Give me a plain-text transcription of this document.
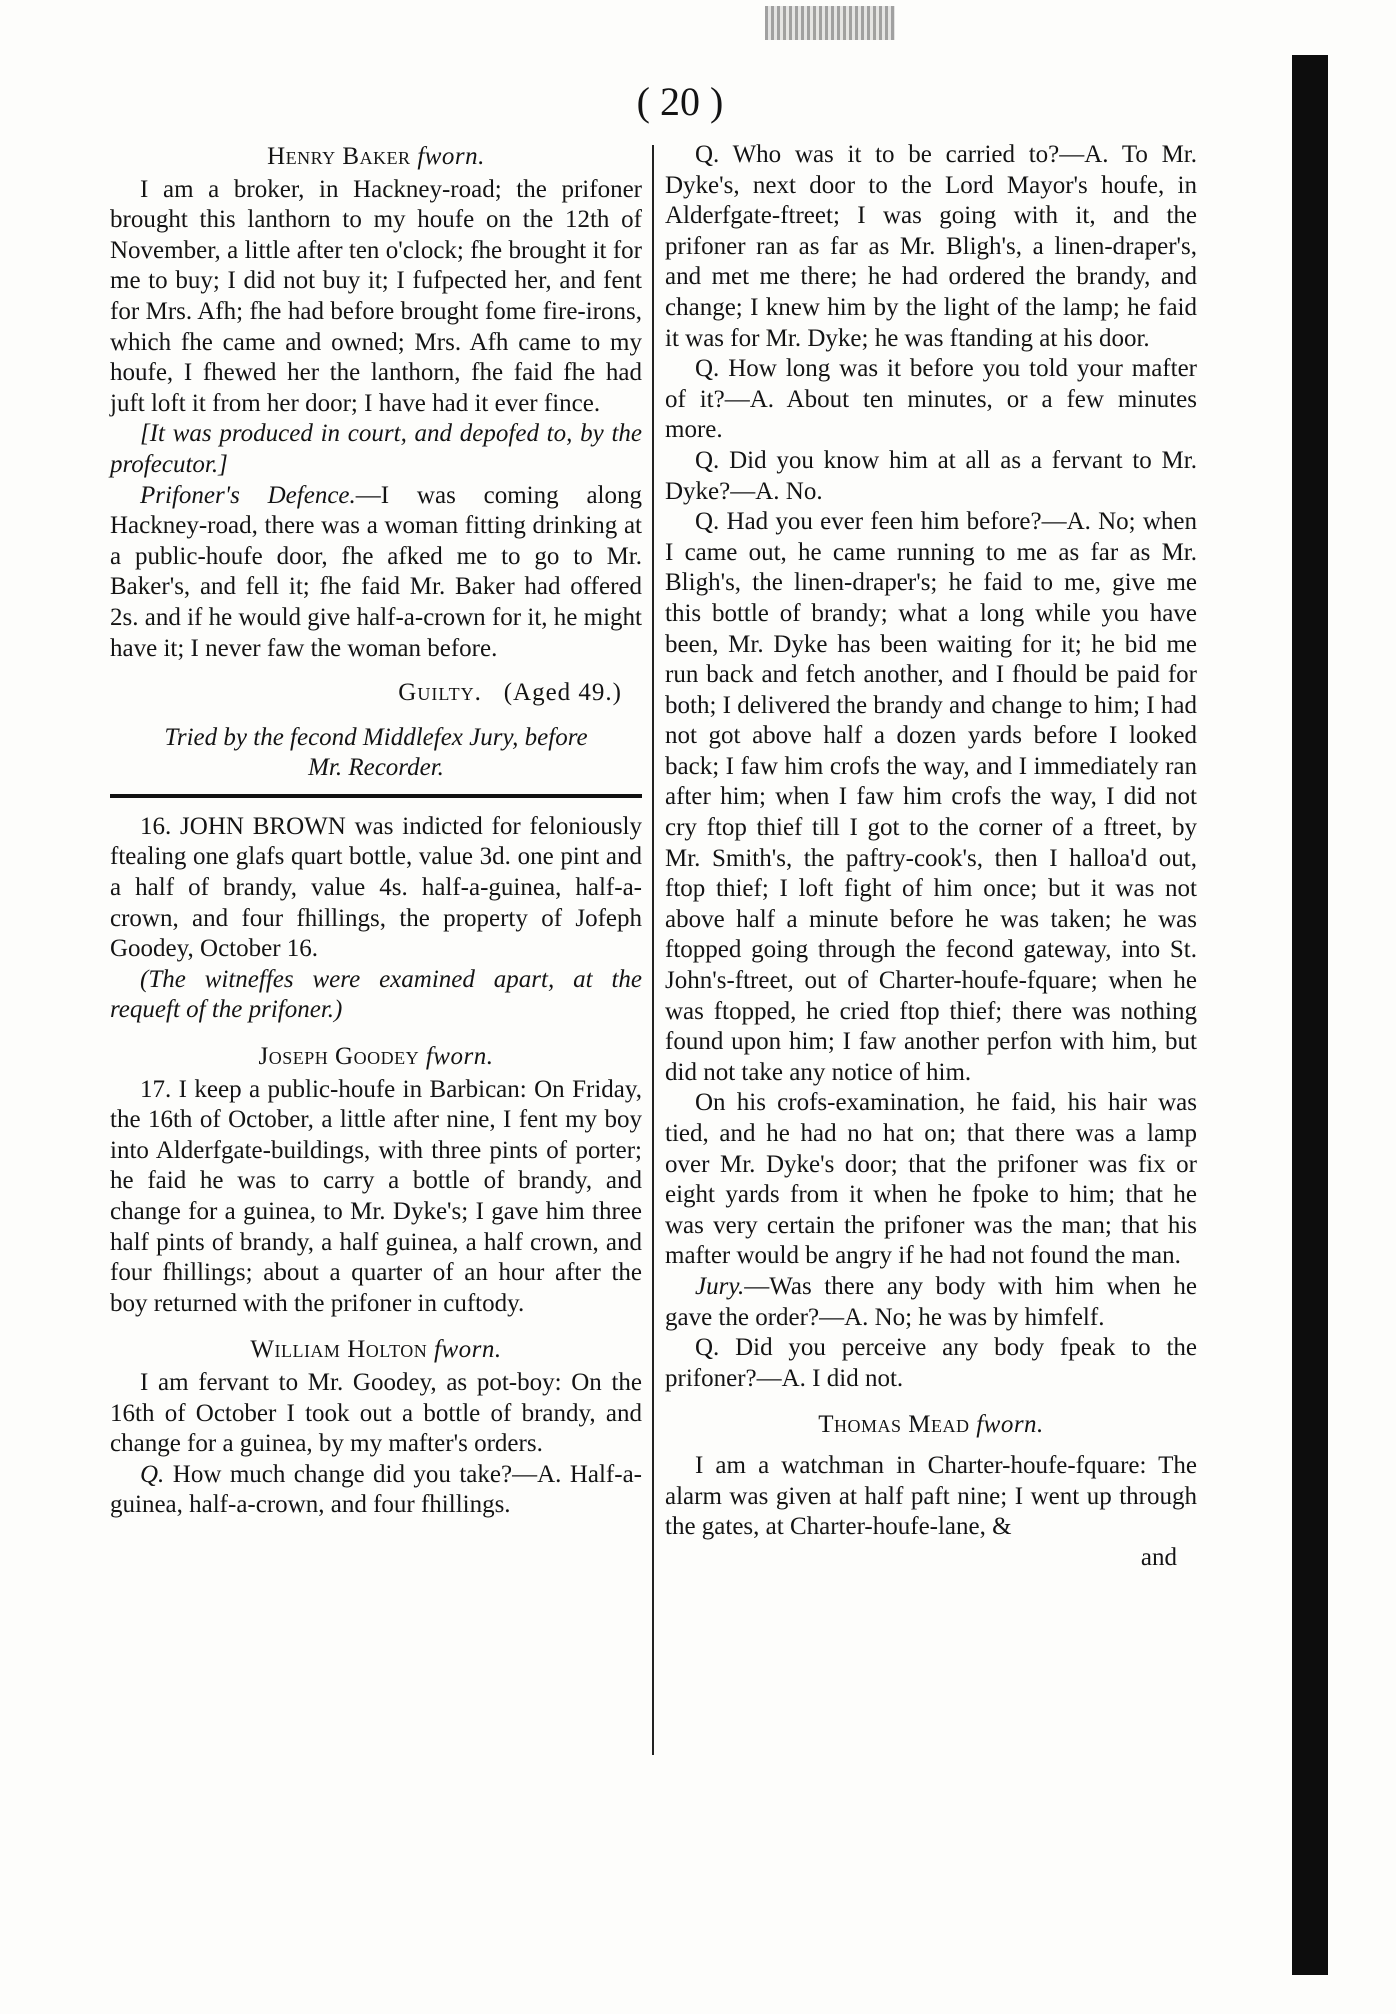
( 20 )
Henry Baker fworn.

I am a broker, in Hackney-road; the prifoner brought this lanthorn to my houfe on the 12th of November, a little after ten o'clock; fhe brought it for me to buy; I did not buy it; I fufpected her, and fent for Mrs. Afh; fhe had before brought fome fire-irons, which fhe came and owned; Mrs. Afh came to my houfe, I fhewed her the lanthorn, fhe faid fhe had juft loft it from her door; I have had it ever fince.

[It was produced in court, and depofed to, by the profecutor.]

Prifoner's Defence.—I was coming along Hackney-road, there was a woman fitting drinking at a public-houfe door, fhe afked me to go to Mr. Baker's, and fell it; fhe faid Mr. Baker had offered 2s. and if he would give half-a-crown for it, he might have it; I never faw the woman before.

Guilty. (Aged 49.)
Tried by the fecond Middlefex Jury, before
Mr. Recorder.

16. JOHN BROWN was indicted for feloniously ftealing one glafs quart bottle, value 3d. one pint and a half of brandy, value 4s. half-a-guinea, half-a-crown, and four fhillings, the property of Jofeph Goodey, October 16.

(The witneffes were examined apart, at the requeft of the prifoner.)

Joseph Goodey fworn.

17. I keep a public-houfe in Barbican: On Friday, the 16th of October, a little after nine, I fent my boy into Alderfgate-buildings, with three pints of porter; he faid he was to carry a bottle of brandy, and change for a guinea, to Mr. Dyke's; I gave him three half pints of brandy, a half guinea, a half crown, and four fhillings; about a quarter of an hour after the boy returned with the prifoner in cuftody.

William Holton fworn.

I am fervant to Mr. Goodey, as pot-boy: On the 16th of October I took out a bottle of brandy, and change for a guinea, by my mafter's orders.

Q. How much change did you take?—A. Half-a-guinea, half-a-crown, and four fhillings.

Q. Who was it to be carried to?—A. To Mr. Dyke's, next door to the Lord Mayor's houfe, in Alderfgate-ftreet; I was going with it, and the prifoner ran as far as Mr. Bligh's, a linen-draper's, and met me there; he had ordered the brandy, and change; I knew him by the light of the lamp; he faid it was for Mr. Dyke; he was ftanding at his door.

Q. How long was it before you told your mafter of it?—A. About ten minutes, or a few minutes more.

Q. Did you know him at all as a fervant to Mr. Dyke?—A. No.

Q. Had you ever feen him before?—A. No; when I came out, he came running to me as far as Mr. Bligh's, the linen-draper's; he faid to me, give me this bottle of brandy; what a long while you have been, Mr. Dyke has been waiting for it; he bid me run back and fetch another, and I fhould be paid for both; I delivered the brandy and change to him; I had not got above half a dozen yards before I looked back; I faw him crofs the way, and I immediately ran after him; when I faw him crofs the way, I did not cry ftop thief till I got to the corner of a ftreet, by Mr. Smith's, the paftry-cook's, then I halloa'd out, ftop thief; I loft fight of him once; but it was not above half a minute before he was taken; he was ftopped going through the fecond gateway, into St. John's-ftreet, out of Charter-houfe-fquare; when he was ftopped, he cried ftop thief; there was nothing found upon him; I faw another perfon with him, but did not take any notice of him.

On his crofs-examination, he faid, his hair was tied, and he had no hat on; that there was a lamp over Mr. Dyke's door; that the prifoner was fix or eight yards from it when he fpoke to him; that he was very certain the prifoner was the man; that his mafter would be angry if he had not found the man.

Jury.—Was there any body with him when he gave the order?—A. No; he was by himfelf.

Q. Did you perceive any body fpeak to the prifoner?—A. I did not.

Thomas Mead fworn.

I am a watchman in Charter-houfe-fquare: The alarm was given at half paft nine; I went up through the gates, at Charter-houfe-lane, &

and
